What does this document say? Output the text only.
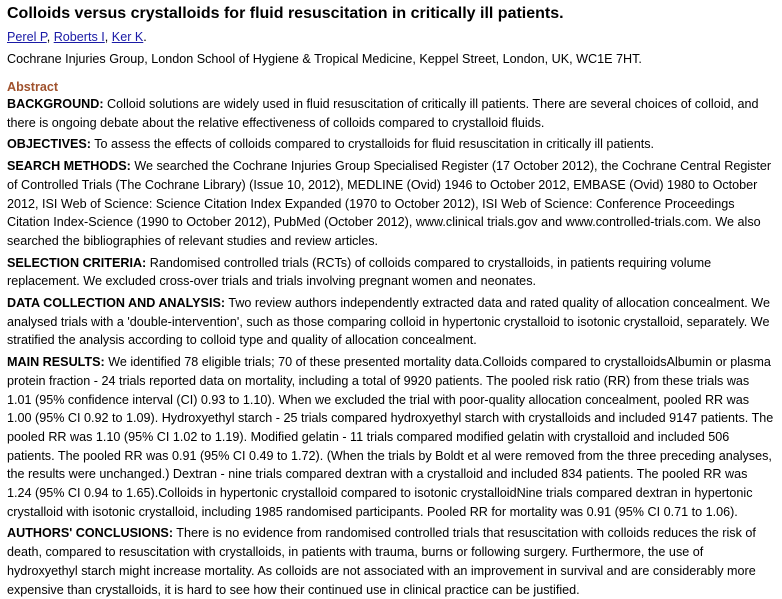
Colloids versus crystalloids for fluid resuscitation in critically ill patients.
Perel P, Roberts I, Ker K.
Cochrane Injuries Group, London School of Hygiene & Tropical Medicine, Keppel Street, London, UK, WC1E 7HT.
Abstract

BACKGROUND: Colloid solutions are widely used in fluid resuscitation of critically ill patients. There are several choices of colloid, and there is ongoing debate about the relative effectiveness of colloids compared to crystalloid fluids.

OBJECTIVES: To assess the effects of colloids compared to crystalloids for fluid resuscitation in critically ill patients.

SEARCH METHODS: We searched the Cochrane Injuries Group Specialised Register (17 October 2012), the Cochrane Central Register of Controlled Trials (The Cochrane Library) (Issue 10, 2012), MEDLINE (Ovid) 1946 to October 2012, EMBASE (Ovid) 1980 to October 2012, ISI Web of Science: Science Citation Index Expanded (1970 to October 2012), ISI Web of Science: Conference Proceedings Citation Index-Science (1990 to October 2012), PubMed (October 2012), www.clinical trials.gov and www.controlled-trials.com. We also searched the bibliographies of relevant studies and review articles.

SELECTION CRITERIA: Randomised controlled trials (RCTs) of colloids compared to crystalloids, in patients requiring volume replacement. We excluded cross-over trials and trials involving pregnant women and neonates.

DATA COLLECTION AND ANALYSIS: Two review authors independently extracted data and rated quality of allocation concealment. We analysed trials with a 'double-intervention', such as those comparing colloid in hypertonic crystalloid to isotonic crystalloid, separately. We stratified the analysis according to colloid type and quality of allocation concealment.

MAIN RESULTS: We identified 78 eligible trials; 70 of these presented mortality data.Colloids compared to crystalloidsAlbumin or plasma protein fraction - 24 trials reported data on mortality, including a total of 9920 patients. The pooled risk ratio (RR) from these trials was 1.01 (95% confidence interval (CI) 0.93 to 1.10). When we excluded the trial with poor-quality allocation concealment, pooled RR was 1.00 (95% CI 0.92 to 1.09). Hydroxyethyl starch - 25 trials compared hydroxyethyl starch with crystalloids and included 9147 patients. The pooled RR was 1.10 (95% CI 1.02 to 1.19). Modified gelatin - 11 trials compared modified gelatin with crystalloid and included 506 patients. The pooled RR was 0.91 (95% CI 0.49 to 1.72). (When the trials by Boldt et al were removed from the three preceding analyses, the results were unchanged.) Dextran - nine trials compared dextran with a crystalloid and included 834 patients. The pooled RR was 1.24 (95% CI 0.94 to 1.65).Colloids in hypertonic crystalloid compared to isotonic crystalloidNine trials compared dextran in hypertonic crystalloid with isotonic crystalloid, including 1985 randomised participants. Pooled RR for mortality was 0.91 (95% CI 0.71 to 1.06).

AUTHORS' CONCLUSIONS: There is no evidence from randomised controlled trials that resuscitation with colloids reduces the risk of death, compared to resuscitation with crystalloids, in patients with trauma, burns or following surgery. Furthermore, the use of hydroxyethyl starch might increase mortality. As colloids are not associated with an improvement in survival and are considerably more expensive than crystalloids, it is hard to see how their continued use in clinical practice can be justified.
